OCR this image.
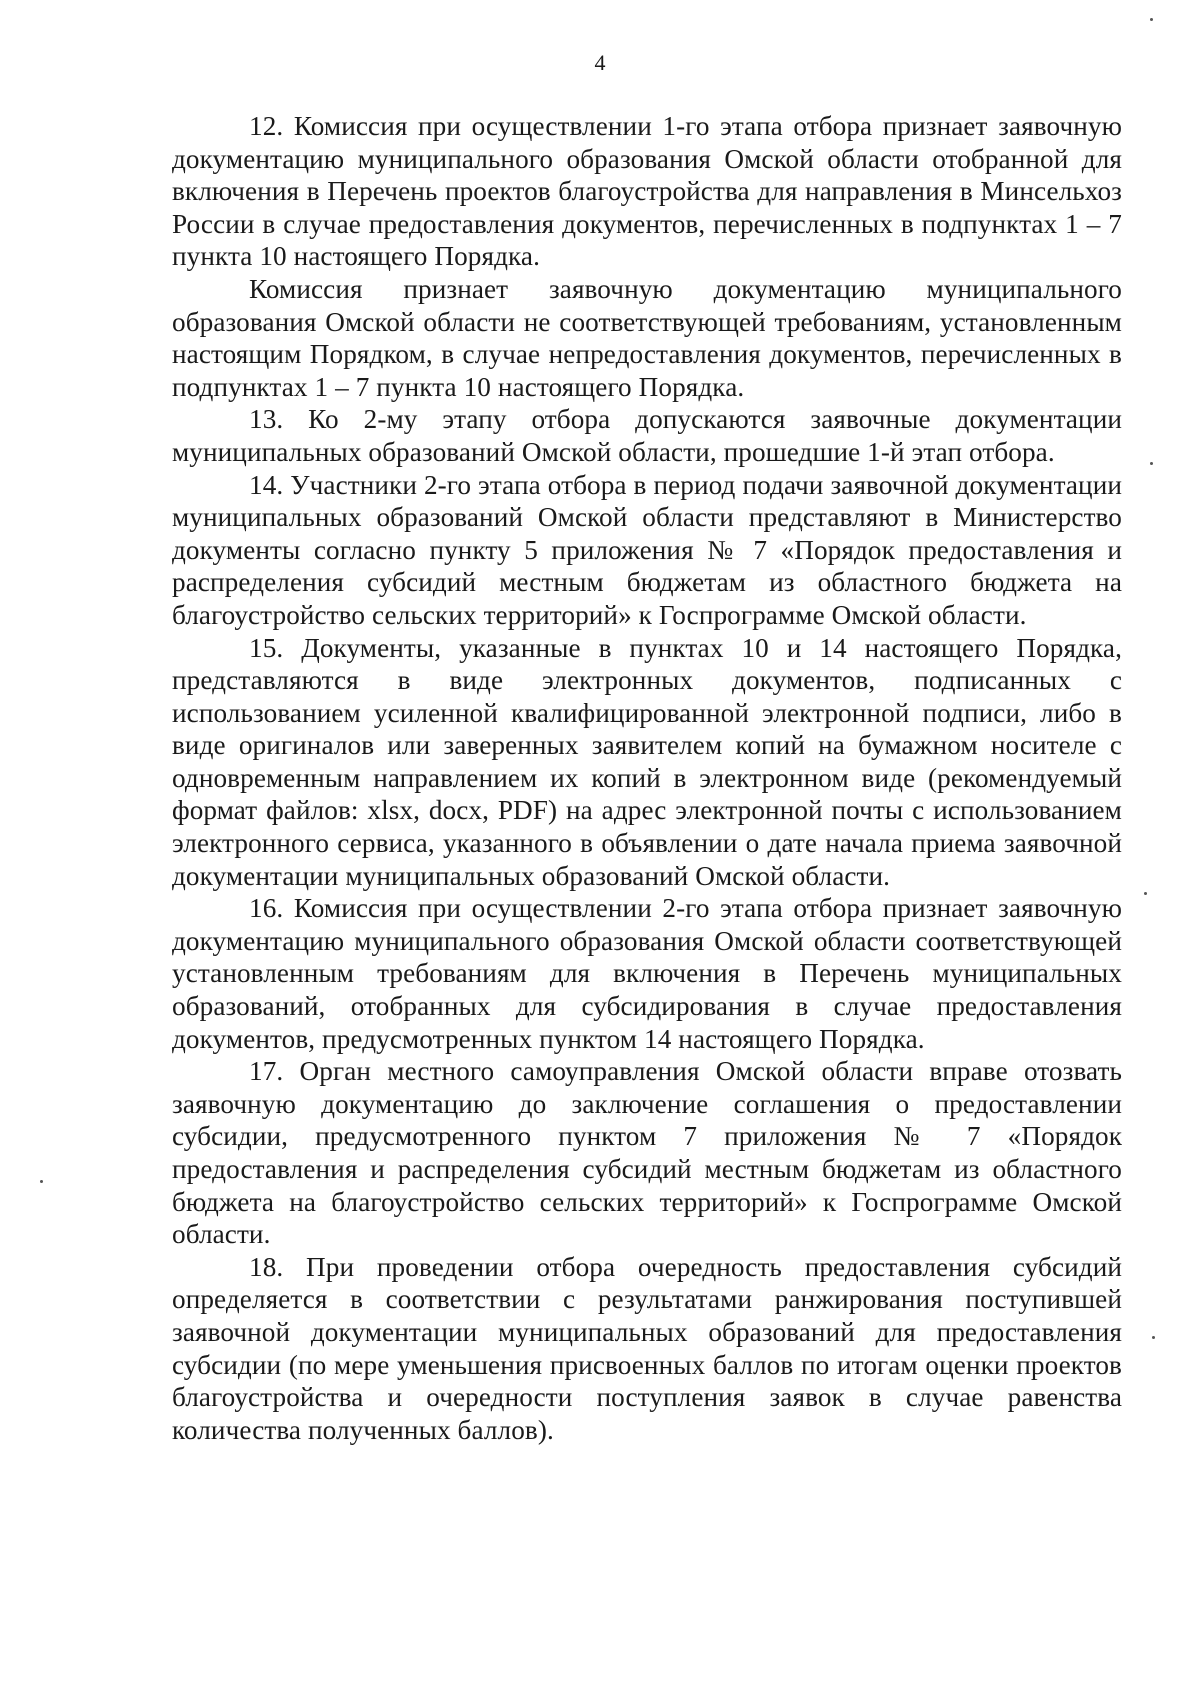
4

12. Комиссия при осуществлении 1-го этапа отбора признает заявочную документацию муниципального образования Омской области отобранной для включения в Перечень проектов благоустройства для направления в Минсельхоз России в случае предоставления документов, перечисленных в подпунктах 1 – 7 пункта 10 настоящего Порядка.

Комиссия признает заявочную документацию муниципального образования Омской области не соответствующей требованиям, установленным настоящим Порядком, в случае непредоставления документов, перечисленных в подпунктах 1 – 7 пункта 10 настоящего Порядка.

13. Ко 2-му этапу отбора допускаются заявочные документации муниципальных образований Омской области, прошедшие 1-й этап отбора.

14. Участники 2-го этапа отбора в период подачи заявочной документации муниципальных образований Омской области представляют в Министерство документы согласно пункту 5 приложения № 7 «Порядок предоставления и распределения субсидий местным бюджетам из областного бюджета на благоустройство сельских территорий» к Госпрограмме Омской области.

15. Документы, указанные в пунктах 10 и 14 настоящего Порядка, представляются в виде электронных документов, подписанных с использованием усиленной квалифицированной электронной подписи, либо в виде оригиналов или заверенных заявителем копий на бумажном носителе с одновременным направлением их копий в электронном виде (рекомендуемый формат файлов: xlsx, docx, PDF) на адрес электронной почты с использованием электронного сервиса, указанного в объявлении о дате начала приема заявочной документации муниципальных образований Омской области.

16. Комиссия при осуществлении 2-го этапа отбора признает заявочную документацию муниципального образования Омской области соответствующей установленным требованиям для включения в Перечень муниципальных образований, отобранных для субсидирования в случае предоставления документов, предусмотренных пунктом 14 настоящего Порядка.

17. Орган местного самоуправления Омской области вправе отозвать заявочную документацию до заключение соглашения о предоставлении субсидии, предусмотренного пунктом 7 приложения № 7 «Порядок предоставления и распределения субсидий местным бюджетам из областного бюджета на благоустройство сельских территорий» к Госпрограмме Омской области.

18. При проведении отбора очередность предоставления субсидий определяется в соответствии с результатами ранжирования поступившей заявочной документации муниципальных образований для предоставления субсидии (по мере уменьшения присвоенных баллов по итогам оценки проектов благоустройства и очередности поступления заявок в случае равенства количества полученных баллов).
